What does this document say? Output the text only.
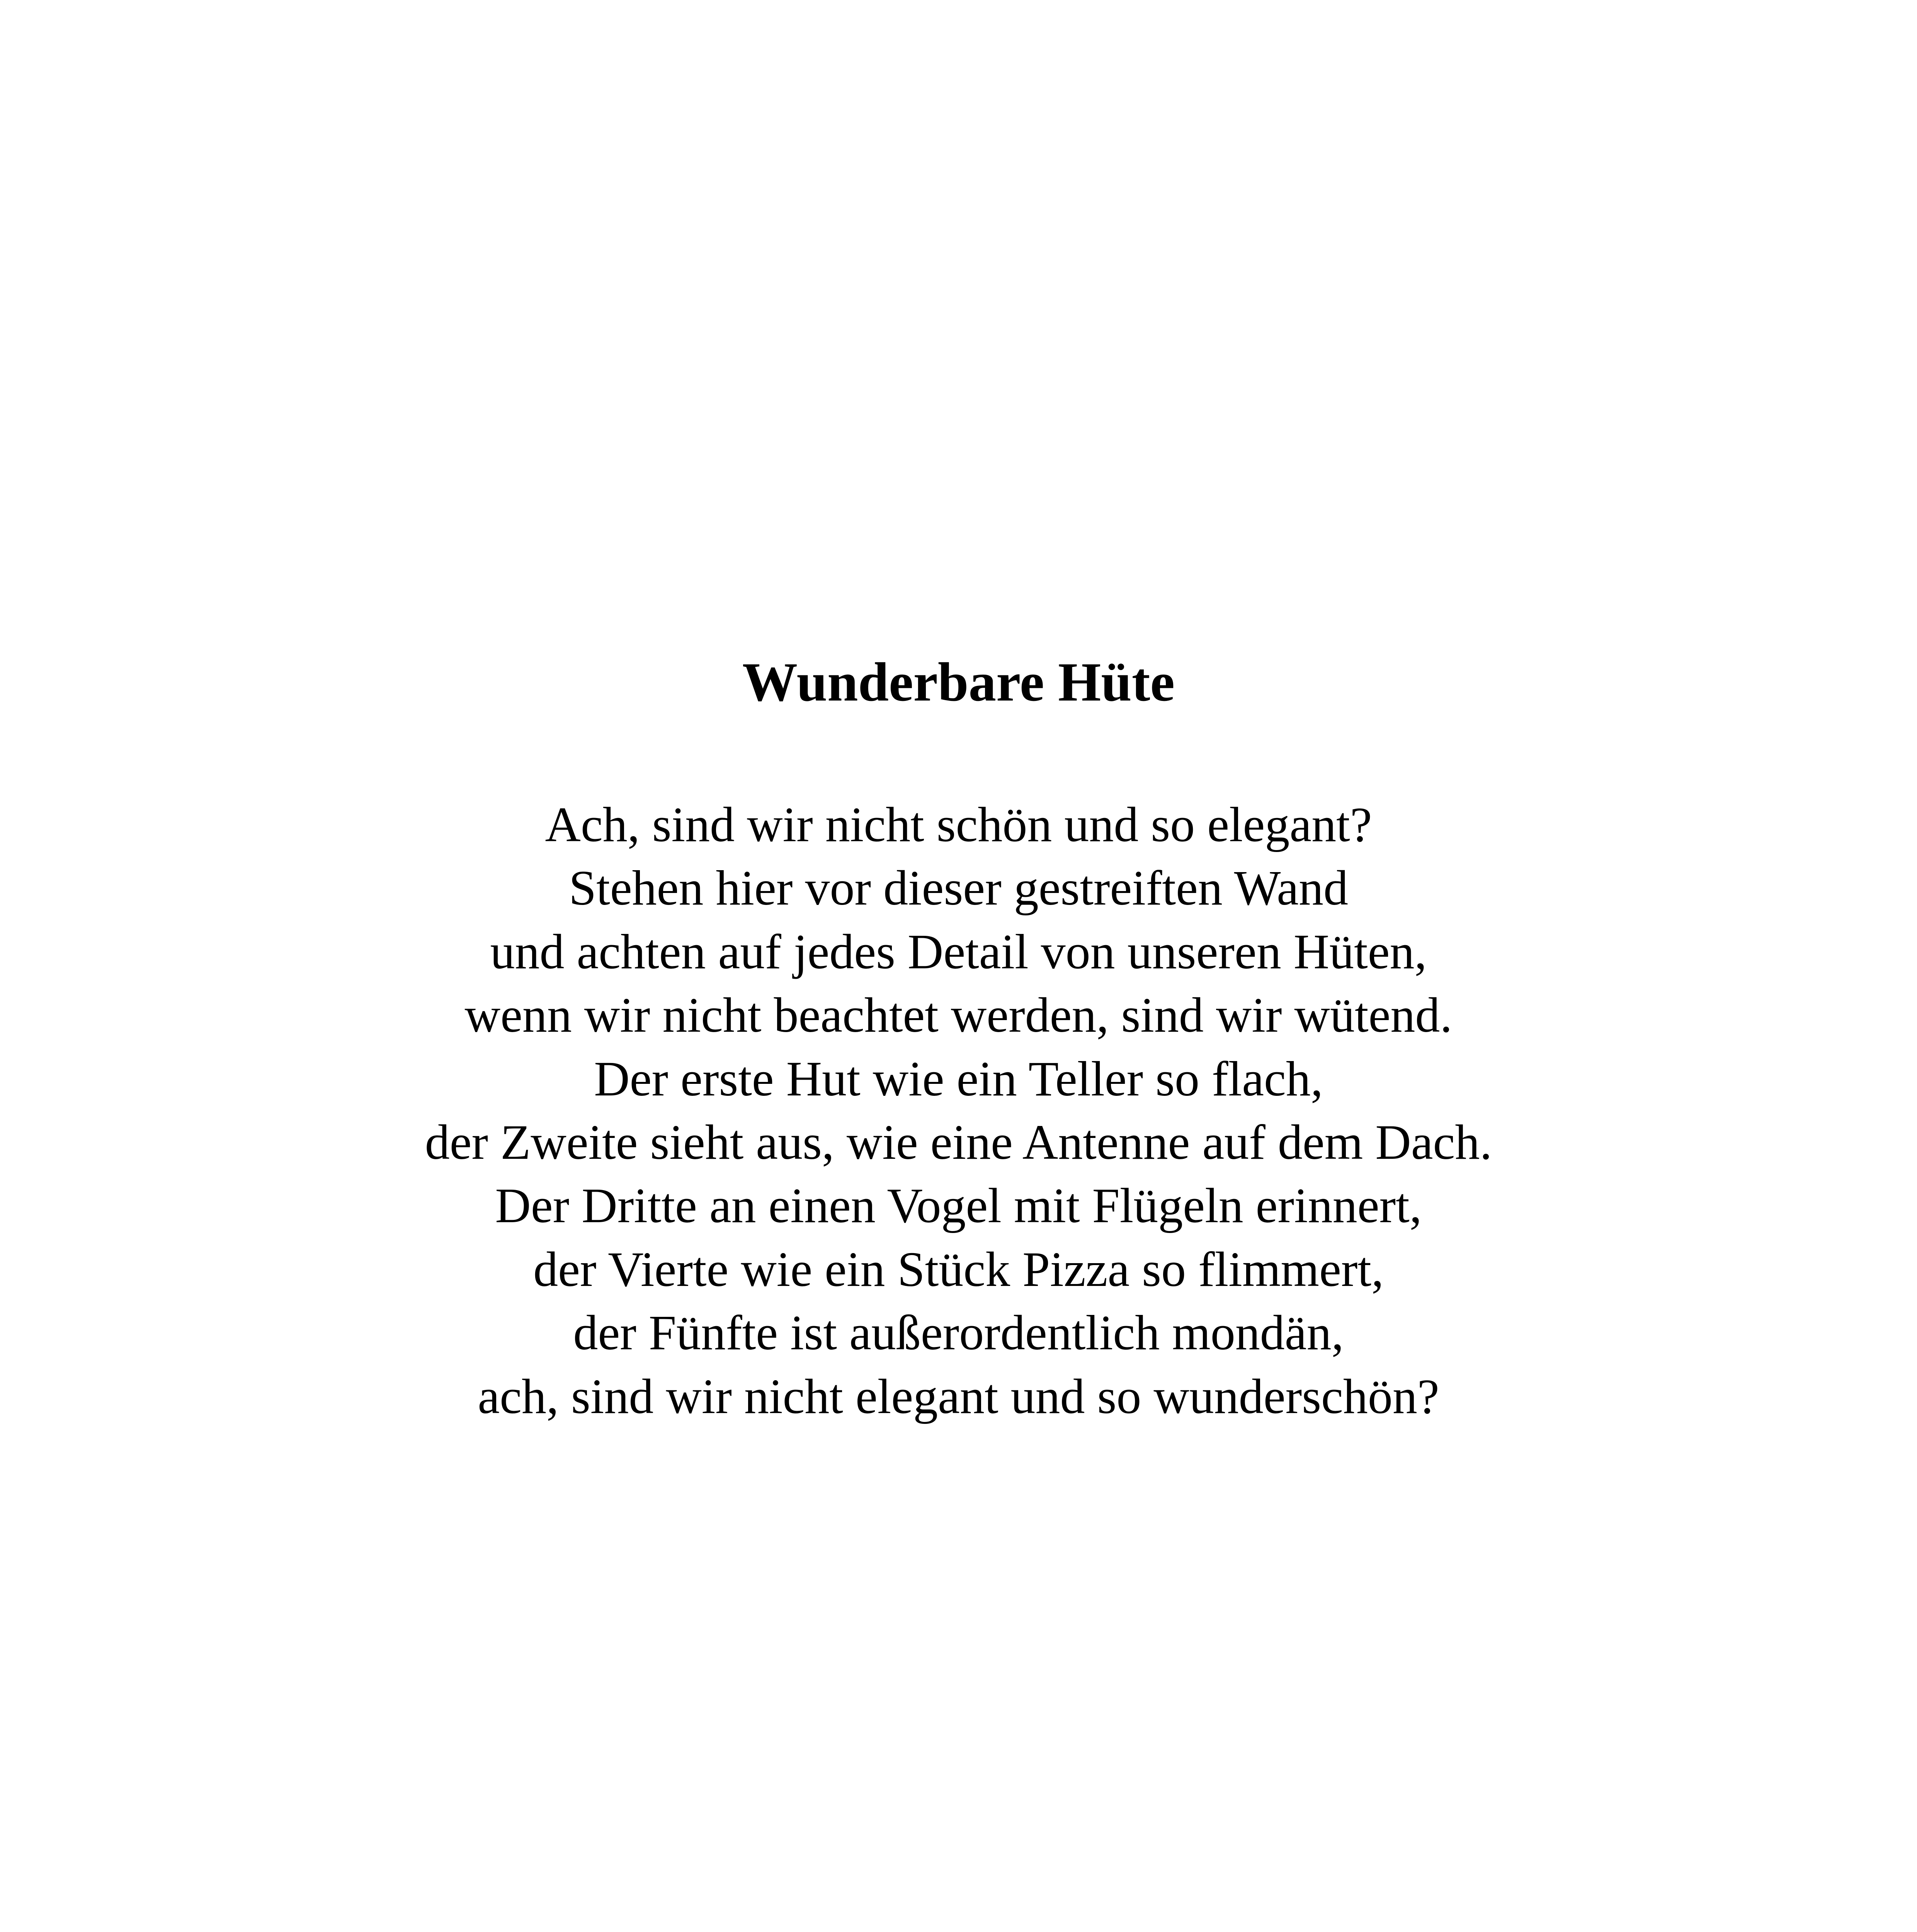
Wunderbare Hüte
Ach, sind wir nicht schön und so elegant?
Stehen hier vor dieser gestreiften Wand
und achten auf jedes Detail von unseren Hüten,
wenn wir nicht beachtet werden, sind wir wütend.
Der erste Hut wie ein Teller so flach,
der Zweite sieht aus, wie eine Antenne auf dem Dach.
Der Dritte an einen Vogel mit Flügeln erinnert,
der Vierte wie ein Stück Pizza so flimmert,
der Fünfte ist außerordentlich mondän,
ach, sind wir nicht elegant und so wunderschön?
